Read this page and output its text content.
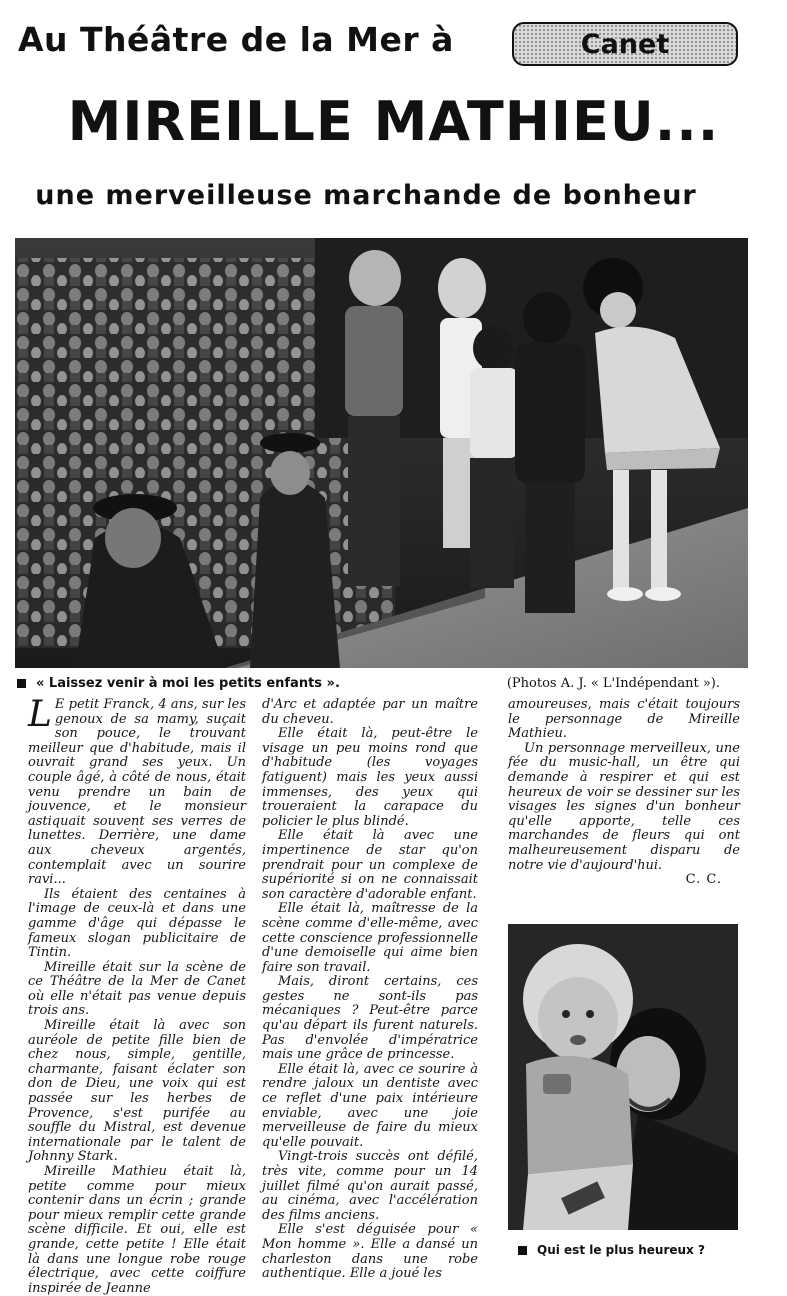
Au Théâtre de la Mer à	Canet
MIREILLE MATHIEU...
une merveilleuse marchande de bonheur
« Laissez venir à moi les petits enfants ».	(Photos A. J. « L'Indépendant »).

LE petit Franck, 4 ans, sur les genoux de sa mamy, suçait son pouce, le trouvant meilleur que d'habitude, mais il ouvrait grand ses yeux. Un couple âgé, à côté de nous, était venu prendre un bain de jouvence, et le monsieur astiquait souvent ses verres de lunettes. Derrière, une dame aux cheveux argentés, contemplait avec un sourire ravi...

Ils étaient des centaines à l'image de ceux-là et dans une gamme d'âge qui dépasse le fameux slogan publicitaire de Tintin.

Mireille était sur la scène de ce Théâtre de la Mer de Canet où elle n'était pas venue depuis trois ans.

Mireille était là avec son auréole de petite fille bien de chez nous, simple, gentille, charmante, faisant éclater son don de Dieu, une voix qui est passée sur les herbes de Provence, s'est purifée au souffle du Mistral, est devenue internationale par le talent de Johnny Stark.

Mireille Mathieu était là, petite comme pour mieux contenir dans un écrin ; grande pour mieux remplir cette grande scène difficile. Et oui, elle est grande, cette petite ! Elle était là dans une longue robe rouge électrique, avec cette coiffure inspirée de Jeanne

d'Arc et adaptée par un maître du cheveu.

Elle était là, peut-être le visage un peu moins rond que d'habitude (les voyages fatiguent) mais les yeux aussi immenses, des yeux qui troueraient la carapace du policier le plus blindé.

Elle était là avec une impertinence de star qu'on prendrait pour un complexe de supériorité si on ne connaissait son caractère d'adorable enfant.

Elle était là, maîtresse de la scène comme d'elle-même, avec cette conscience professionnelle d'une demoiselle qui aime bien faire son travail.

Mais, diront certains, ces gestes ne sont-ils pas mécaniques ? Peut-être parce qu'au départ ils furent naturels. Pas d'envolée d'impératrice mais une grâce de princesse.

Elle était là, avec ce sourire à rendre jaloux un dentiste avec ce reflet d'une paix intérieure enviable, avec une joie merveilleuse de faire du mieux qu'elle pouvait.

Vingt-trois succès ont défilé, très vite, comme pour un 14 juillet filmé qu'on aurait passé, au cinéma, avec l'accélération des films anciens.

Elle s'est déguisée pour « Mon homme ». Elle a dansé un charleston dans une robe authentique. Elle a joué les

amoureuses, mais c'était toujours le personnage de Mireille Mathieu.

Un personnage merveilleux, une fée du music-hall, un être qui demande à respirer et qui est heureux de voir se dessiner sur les visages les signes d'un bonheur qu'elle apporte, telle ces marchandes de fleurs qui ont malheureusement disparu de notre vie d'aujourd'hui.

C. C.

Qui est le plus heureux ?
